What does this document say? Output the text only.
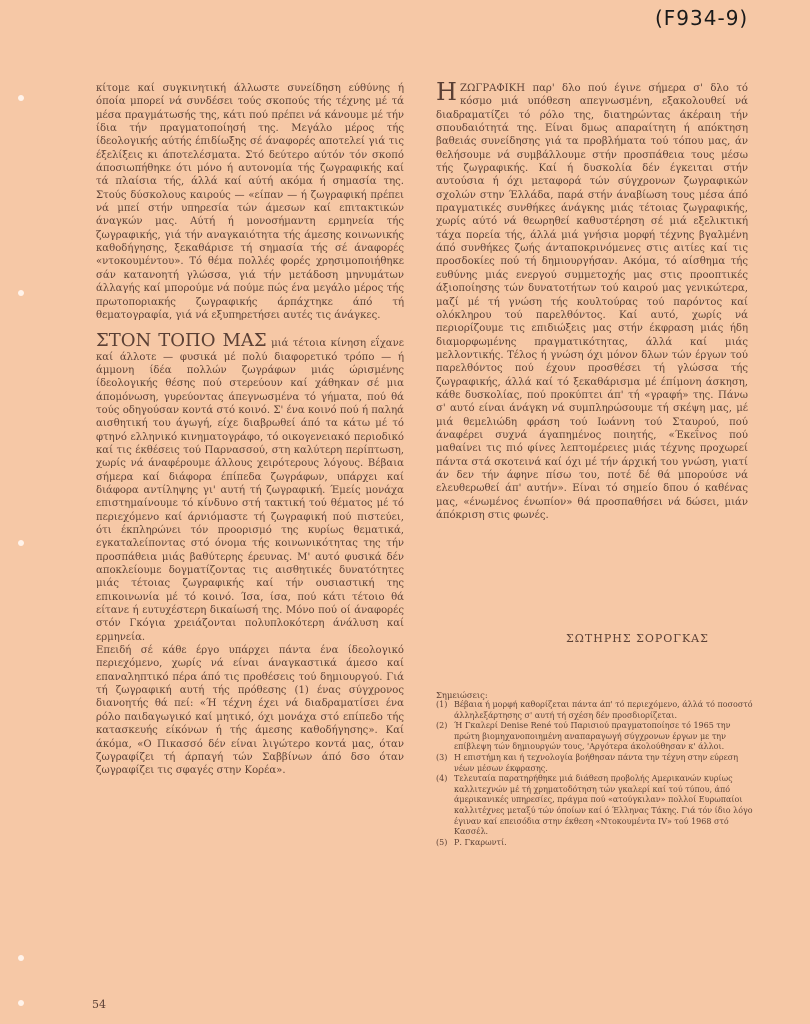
(F934-9)

κίτομε καί συγκινητική άλλωστε συνείδηση εύθύνης ή όποία μπορεί νά συνδέσει τούς σκοπούς τής τέχνης μέ τά μέσα πραγμάτωσής της, κάτι πού πρέπει νά κάνουμε μέ τήν ίδια τήν πραγματοποίησή της. Μεγάλο μέρος τής ίδεολογικής αύτής έπιδίωξης σέ άναφορές αποτελεί γιά τις έξελίξεις κι άποτελέσματα. Στό δεύτερο αύτόν τόν σκοπό άποσιωπήθηκε ότι μόνο ή αυτονομία τής ζωγραφικής καί τά πλαίσια τής, άλλά καί αύτή ακόμα ή σημασία της. Στούς δύσκολους καιρούς — «είπαν — ή ζωγραφική πρέπει νά μπεί στήν υπηρεσία τών άμεσων καί επιτακτικών άναγκών μας. Αύτή ή μονοσήμαντη ερμηνεία τής ζωγραφικής, γιά τήν αναγκαιότητα τής άμεσης κοινωνικής καθοδήγησης, ξεκαθάρισε τή σημασία τής σέ άναφορές «ντοκουμέντου». Τό θέμα πολλές φορές χρησιμοποιήθηκε σάν κατανοητή γλώσσα, γιά τήν μετάδοση μηνυμάτων άλλαγής καί μπορούμε νά πούμε πώς ένα μεγάλο μέρος τής πρωτοποριακής ζωγραφικής άρπάχτηκε άπό τή θεματογραφία, γιά νά εξυπηρετήσει αυτές τις άνάγκες.

ΣΤΟΝ ΤΟΠΟ ΜΑΣ μιά τέτοια κίνηση εΐχανε καί άλλοτε — φυσικά μέ πολύ διαφορετικό τρόπο — ή άμμονη ίδέα πολλών ζωγράφων μιάς ώρισμένης ίδεολογικής θέσης πού στερεύουν καί χάθηκαν σέ μια άπομόνωση, γυρεύοντας άπεγνωσμένα τό γήματα, πού θά τούς οδηγούσαν κοντά στό κοινό. Σ' ένα κοινό πού ή παληά αισθητική του άγωγή, είχε διαβρωθεί άπό τα κάτω μέ τό φτηνό ελληνικό κινηματογράφο, τό οικογενειακό περιοδικό καί τις έκθέσεις τού Παρνασσού, στη καλύτερη περίπτωση, χωρίς νά άναφέρουμε άλλους χειρότερους λόγους. Βέβαια σήμερα καί διάφορα έπίπεδα ζωγράφων, υπάρχει καί διάφορα αντίληψης γι' αυτή τή ζωγραφική. Έμείς μονάχα επιστημαίνουμε τό κίνδυνο στή τακτική τού θέματος μέ τό περιεχόμενο καί άρνιόμαστε τή ζωγραφική πού πιστεύει, ότι έκπληρώνει τόν προορισμό της κυρίως θεματικά, εγκαταλείποντας στό όνομα τής κοινωνικότητας της τήν προσπάθεια μιάς βαθύτερης έρευνας. Μ' αυτό φυσικά δέν αποκλείουμε δογματίζοντας τις αισθητικές δυνατότητες μιάς τέτοιας ζωγραφικής καί τήν ουσιαστική της επικοινωνία μέ τό κοινό. Ίσα, ίσα, πού κάτι τέτοιο θά είτανε ή ευτυχέστερη δικαίωσή της. Μόνο πού οί άναφορές στόν Γκόγια χρειάζονται πολυπλοκότερη άνάλυση καί ερμηνεία.

Επειδή σέ κάθε έργο υπάρχει πάντα ένα ίδεολογικό περιεχόμενο, χωρίς νά είναι άναγκαστικά άμεσο καί επαναληπτικό πέρα άπό τις προθέσεις τού δημιουργού. Γιά τή ζωγραφική αυτή τής πρόθεσης (1) ένας σύγχρονος διανοητής θά πεί: «Ή τέχνη έχει νά διαδραματίσει ένα ρόλο παιδαγωγικό καί μητικό, όχι μονάχα στό επίπεδο τής κατασκευής είκόνων ή τής άμεσης καθοδήγησης». Καί άκόμα, «Ο Πικασσό δέν είναι λιγώτερο κοντά μας, όταν ζωγραφίζει τή άρπαγή τών Σαββίνων άπό δσο όταν ζωγραφίζει τις σφαγές στην Κορέα».

ΗΖΩΓΡΑΦΙΚΗ παρ' δλο πού έγινε σήμερα σ' δλο τό κόσμο μιά υπόθεση απεγνωσμένη, εξακολουθεί νά διαδραματίζει τό ρόλο της, διατηρώντας άκέραιη τήν σπουδαιότητά της. Είναι δμως απαραίτητη ή απόκτηση βαθειάς συνείδησης γιά τα προβλήματα τού τόπου μας, άν θελήσουμε νά συμβάλλουμε στήν προσπάθεια τους μέσω τής ζωγραφικής. Καί ή δυσκολία δέν έγκειται στήν αυτούσια ή όχι μεταφορά τών σύγχρονων ζωγραφικών σχολών στην Έλλάδα, παρά στήν άναβίωση τους μέσα άπό πραγματικές συνθήκες άνάγκης μιάς τέτοιας ζωγραφικής, χωρίς αύτό νά θεωρηθεί καθυστέρηση σέ μιά εξελικτική τάχα πορεία τής, άλλά μιά γνήσια μορφή τέχνης βγαλμένη άπό συνθήκες ζωής άνταποκρινόμενες στις αιτίες καί τις προσδοκίες πού τή δημιουργήσαν. Ακόμα, τό αίσθημα τής ευθύνης μιάς ενεργού συμμετοχής μας στις προοπτικές άξιοποίησης τών δυνατοτήτων τού καιρού μας γενικώτερα, μαζί μέ τή γνώση τής κουλτούρας τού παρόντος καί ολόκληρου τού παρελθόντος. Καί αυτό, χωρίς νά περιορίζουμε τις επιδιώξεις μας στήν έκφραση μιάς ήδη διαμορφωμένης πραγματικότητας, άλλά καί μιάς μελλοντικής. Τέλος ή γνώση όχι μόνον δλων τών έργων τού παρελθόντος πού έχουν προσθέσει τή γλώσσα τής ζωγραφικής, άλλά καί τό ξεκαθάρισμα μέ έπίμονη άσκηση, κάθε δυσκολίας, πού προκύπτει άπ' τή «γραφή» της. Πάνω σ' αυτό είναι άνάγκη νά συμπληρώσουμε τή σκέψη μας, μέ μιά θεμελιώδη φράση τού Ιωάννη τού Σταυρού, πού άναφέρει συχνά άγαπημένος ποιητής, «Έκεΐνος πού μαθαίνει τις πιό φίνες λεπτομέρειες μιάς τέχνης προχωρεί πάντα στά σκοτεινά καί όχι μέ τήν άρχική του γνώση, γιατί άν δεν τήν άφηνε πίσω του, ποτέ δέ θά μπορούσε νά ελευθερωθεί άπ' αυτήν». Είναι τό σημείο δπου ό καθένας μας, «ένωμένος ένωπίον» θά προσπαθήσει νά δώσει, μιάν άπόκριση στις φωνές.

ΣΩΤΗΡΗΣ ΣΟΡΟΓΚΑΣ
Σημειώσεις:

(1) Βέβαια ή μορφή καθορίζεται πάντα άπ' τό περιεχόμενο, άλλά τό ποσοστό άλληλεξάρτησης σ' αυτή τή σχέση δέν προσδιορίζεται.

(2) Ή Γκαλερί Denise René τού Παρισιού πραγματοποίησε τό 1965 την πρώτη βιομηχανοποιημένη αναπαραγωγή σύγχρονων έργων με την επίβλεψη τών δημιουργών τους, 'Αργότερα άκολούθησαν κ' άλλοι.

(3) Η επιστήμη και ή τεχνολογία βοήθησαν πάντα την τέχνη στην εύρεση νέων μέσων έκφρασης.

(4) Τελευταία παρατηρήθηκε μιά διάθεση προβολής Αμερικανών κυρίως καλλιτεχνών μέ τή χρηματοδότηση τών γκαλερί καί τού τύπου, άπό άμερικανικές υπηρεσίες, πράγμα πού «ατούγκιλαν» πολλοί Ευρωπαίοι καλλιτέχνες μεταξύ τών όποίων καί ό Έλληνας Τάκης. Γιά τόν ίδιο λόγο έγιναν καί επεισόδια στην έκθεση «Ντοκουμέντα IV» τού 1968 στό Κασσέλ.

(5) Ρ. Γκαρωντί.

54
